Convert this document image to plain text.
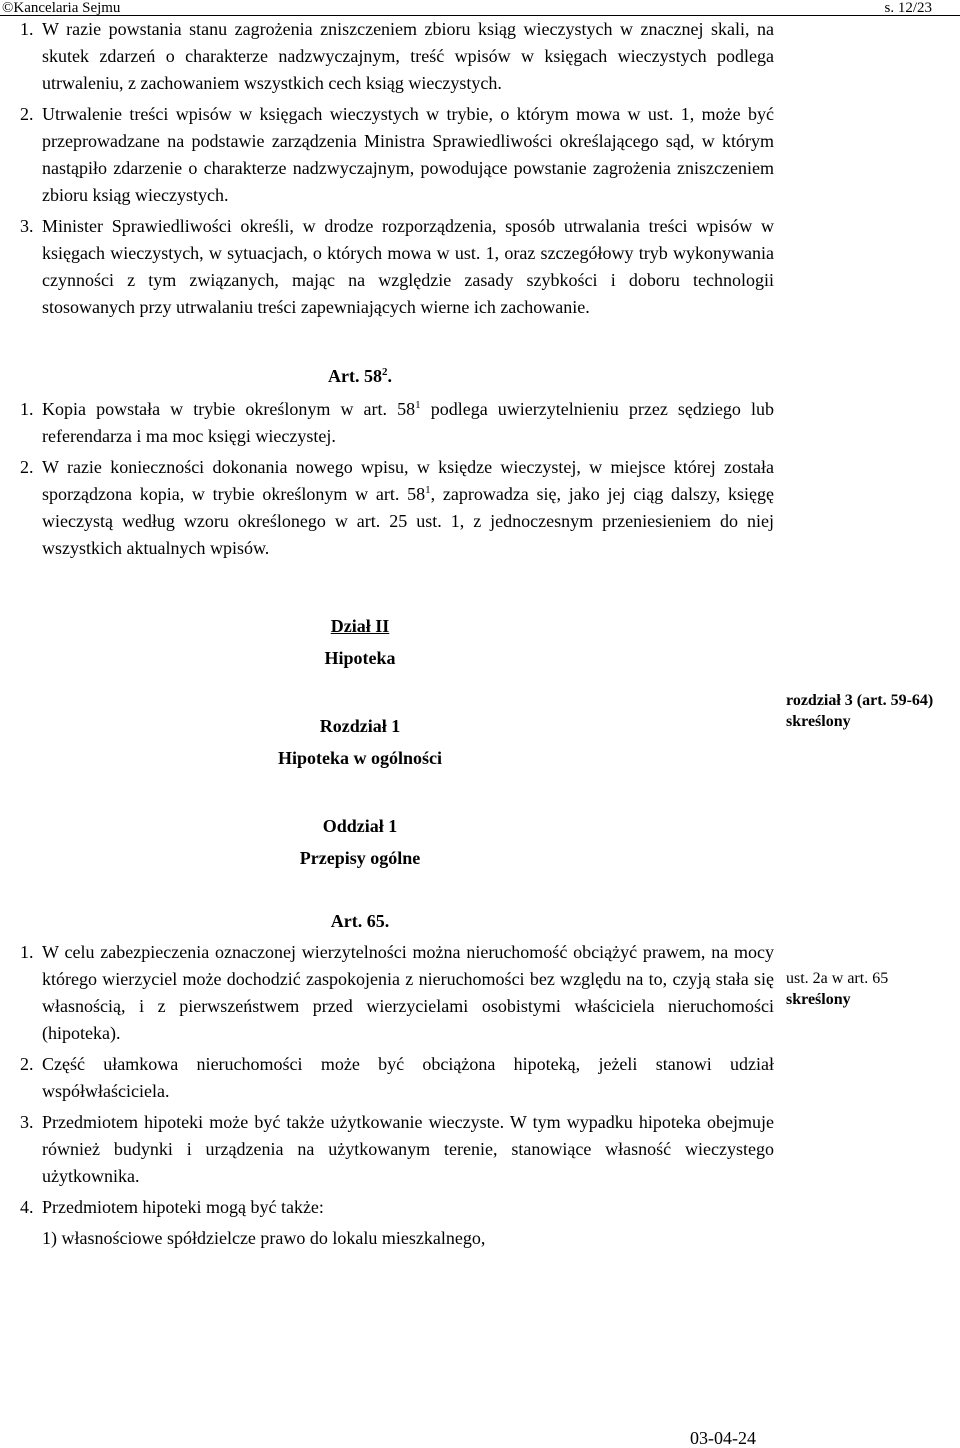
©Kancelaria Sejmu	s. 12/23

1. W razie powstania stanu zagrożenia zniszczeniem zbioru ksiąg wieczystych w znacznej skali, na skutek zdarzeń o charakterze nadzwyczajnym, treść wpisów w księgach wieczystych podlega utrwaleniu, z zachowaniem wszystkich cech ksiąg wieczystych.

2. Utrwalenie treści wpisów w księgach wieczystych w trybie, o którym mowa w ust. 1, może być przeprowadzane na podstawie zarządzenia Ministra Sprawiedliwości określającego sąd, w którym nastąpiło zdarzenie o charakterze nadzwyczajnym, powodujące powstanie zagrożenia zniszczeniem zbioru ksiąg wieczystych.

3. Minister Sprawiedliwości określi, w drodze rozporządzenia, sposób utrwalania treści wpisów w księgach wieczystych, w sytuacjach, o których mowa w ust. 1, oraz szczegółowy tryb wykonywania czynności z tym związanych, mając na względzie zasady szybkości i doboru technologii stosowanych przy utrwalaniu treści zapewniających wierne ich zachowanie.

Art. $58^2$.

1. Kopia powstała w trybie określonym w art. $58^1$ podlega uwierzytelnieniu przez sędziego lub referendarza i ma moc księgi wieczystej.

2. W razie konieczności dokonania nowego wpisu, w księdze wieczystej, w miejsce której została sporządzona kopia, w trybie określonym w art. $58^1$, zaprowadza się, jako jej ciąg dalszy, księgę wieczystą według wzoru określonego w art. 25 ust. 1, z jednoczesnym przeniesieniem do niej wszystkich aktualnych wpisów.

Dział II

Hipoteka

Rozdział 1

Hipoteka w ogólności

Oddział 1

Przepisy ogólne

Art. 65.

1. W celu zabezpieczenia oznaczonej wierzytelności można nieruchomość obciążyć prawem, na mocy którego wierzyciel może dochodzić zaspokojenia z nieruchomości bez względu na to, czyją stała się własnością, i z pierwszeństwem przed wierzycielami osobistymi właściciela nieruchomości (hipoteka).

2. Część ułamkowa nieruchomości może być obciążona hipoteką, jeżeli stanowi udział współwłaściciela.

3. Przedmiotem hipoteki może być także użytkowanie wieczyste. W tym wypadku hipoteka obejmuje również budynki i urządzenia na użytkowanym terenie, stanowiące własność wieczystego użytkownika.

4. Przedmiotem hipoteki mogą być także:

1) własnościowe spółdzielcze prawo do lokalu mieszkalnego,

rozdział 3 (art. 59-64)
skreślony
ust. 2a w art. 65
skreślony
03-04-24
